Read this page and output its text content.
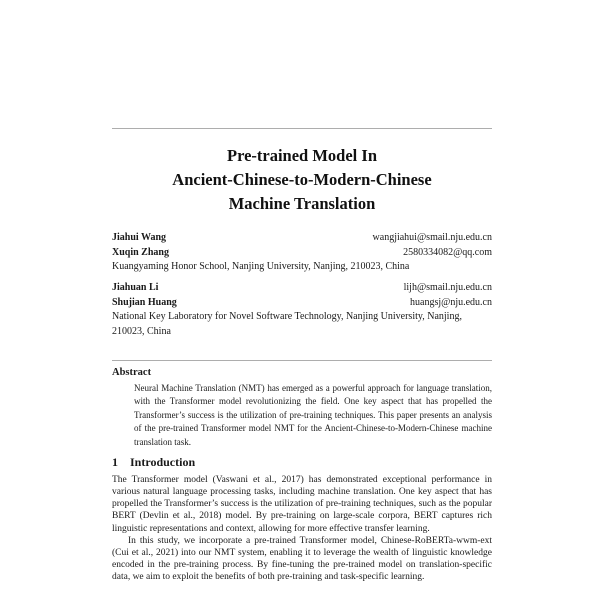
Pre-trained Model In
Ancient-Chinese-to-Modern-Chinese
Machine Translation
Jiahui Wang	wangjiahui@smail.nju.edu.cn
Xuqin Zhang	2580334082@qq.com
Kuangyaming Honor School, Nanjing University, Nanjing, 210023, China
Jiahuan Li	lijh@smail.nju.edu.cn
Shujian Huang	huangsj@nju.edu.cn
National Key Laboratory for Novel Software Technology, Nanjing University, Nanjing, 210023, China
Abstract
Neural Machine Translation (NMT) has emerged as a powerful approach for language translation, with the Transformer model revolutionizing the field. One key aspect that has propelled the Transformer’s success is the utilization of pre-training techniques. This paper presents an analysis of the pre-trained Transformer model NMT for the Ancient-Chinese-to-Modern-Chinese machine translation task.
1 Introduction

The Transformer model (Vaswani et al., 2017) has demonstrated exceptional performance in various natural language processing tasks, including machine translation. One key aspect that has propelled the Transformer’s success is the utilization of pre-training techniques, such as the popular BERT (Devlin et al., 2018) model. By pre-training on large-scale corpora, BERT captures rich linguistic representations and context, allowing for more effective transfer learning.

In this study, we incorporate a pre-trained Transformer model, Chinese-RoBERTa-wwm-ext (Cui et al., 2021) into our NMT system, enabling it to leverage the wealth of linguistic knowledge encoded in the pre-training process. By fine-tuning the pre-trained model on translation-specific data, we aim to exploit the benefits of both pre-training and task-specific learning.
